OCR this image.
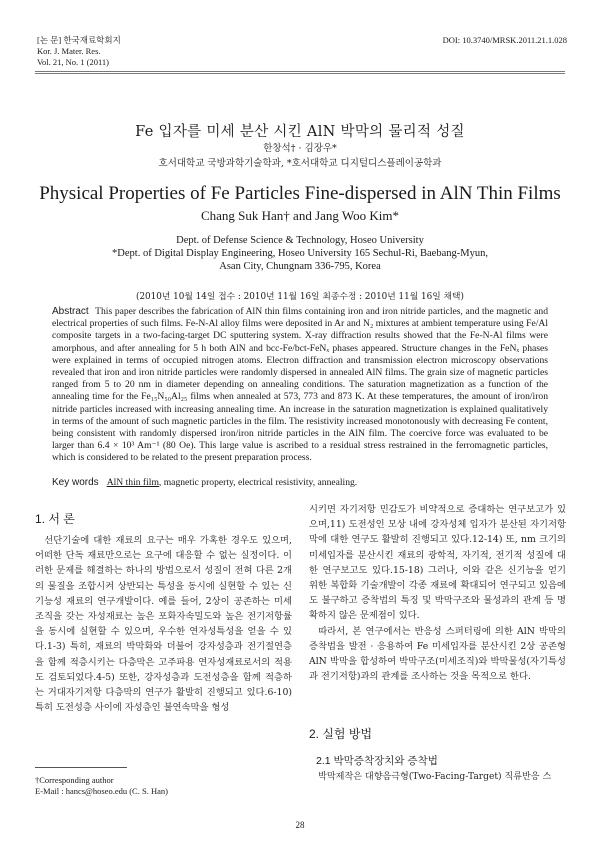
[논 문] 한국재료학회지
Kor. J. Mater. Res.
Vol. 21, No. 1 (2011)
DOI: 10.3740/MRSK.2011.21.1.028
Fe 입자를 미세 분산 시킨 AlN 박막의 물리적 성질
한창석† · 김장우*
호서대학교 국방과학기술학과, *호서대학교 디지털디스플레이공학과
Physical Properties of Fe Particles Fine-dispersed in AlN Thin Films
Chang Suk Han† and Jang Woo Kim*
Dept. of Defense Science & Technology, Hoseo University
*Dept. of Digital Display Engineering, Hoseo University 165 Sechul-Ri, Baebang-Myun,
Asan City, Chungnam 336-795, Korea
(2010년 10월 14일 접수 : 2010년 11월 16일 최종수정 : 2010년 11월 16일 채택)
Abstract This paper describes the fabrication of AlN thin films containing iron and iron nitride particles, and the magnetic and electrical properties of such films. Fe-N-Al alloy films were deposited in Ar and N₂ mixtures at ambient temperature using Fe/Al composite targets in a two-facing-target DC sputtering system. X-ray diffraction results showed that the Fe-N-Al films were amorphous, and after annealing for 5 h both AlN and bcc-Fe/bct-FeNₓ phases appeared. Structure changes in the FeNₓ phases were explained in terms of occupied nitrogen atoms. Electron diffraction and transmission electron microscopy observations revealed that iron and iron nitride particles were randomly dispersed in annealed AlN films. The grain size of magnetic particles ranged from 5 to 20 nm in diameter depending on annealing conditions. The saturation magnetization as a function of the annealing time for the Fe₁₅N₅₀Al₂₅ films when annealed at 573, 773 and 873 K. At these temperatures, the amount of iron/iron nitride particles increased with increasing annealing time. An increase in the saturation magnetization is explained qualitatively in terms of the amount of such magnetic particles in the film. The resistivity increased monotonously with decreasing Fe content, being consistent with randomly dispersed iron/iron nitride particles in the AlN film. The coercive force was evaluated to be larger than 6.4 × 10³ Am⁻¹ (80 Oe). This large value is ascribed to a residual stress restrained in the ferromagnetic particles, which is considered to be related to the present preparation process.
Key words AlN thin film, magnetic property, electrical resistivity, annealing.
1. 서 론

선단기술에 대한 재료의 요구는 매우 가혹한 경우도 있으며, 어떠한 단독 재료만으로는 요구에 대응할 수 없는 실정이다. 이러한 문제를 해결하는 하나의 방법으로서 성질이 전혀 다른 2개의 물질을 조합시켜 상반되는 특성을 동시에 실현할 수 있는 신기능성 재료의 연구개발이다. 예를 들어, 2상이 공존하는 미세조직을 갖는 자성재료는 높은 포화자속밀도와 높은 전기저항률을 동시에 실현할 수 있으며, 우수한 연자성특성을 얻을 수 있다.1-3) 특히, 재료의 박막화와 더불어 강자성층과 전기절연층을 함께 적층시키는 다층막은 고주파용 연자성재료로서의 적용도 검토되었다.4-5) 또한, 강자성층과 도전성층을 함께 적층하는 거대자기저항 다층막의 연구가 활발히 진행되고 있다.6-10) 특히 도전성층 사이에 자성층인 불연속막을 형성

시키면 자기저항 민감도가 비약적으로 증대하는 연구보고가 있으며,11) 도전성인 모상 내에 강자성체 입자가 분산된 자기저항막에 대한 연구도 활발히 진행되고 있다.12-14) 또, nm 크기의 미세입자를 분산시킨 재료의 광학적, 자기적, 전기적 성질에 대한 연구보고도 있다.15-18) 그러나, 이와 같은 신기능을 얻기 위한 복합화 기술개발이 각종 재료에 확대되어 연구되고 있음에도 불구하고 증착법의 특징 및 박막구조와 물성과의 관계 등 명확하지 않은 문제점이 있다.

따라서, 본 연구에서는 반응성 스퍼터링에 의한 AlN 박막의 증착법을 발전 · 응용하여 Fe 미세입자를 분산시킨 2상 공존형 AlN 박막을 합성하여 박막구조(미세조직)와 박막물성(자기특성과 전기저항)과의 관계를 조사하는 것을 목적으로 한다.

2. 실험 방법
2.1 박막증착장치와 증착법
박막제작은 대향음극형(Two-Facing-Target) 직류반응 스
†Corresponding author
E-Mail : hancs@hoseo.edu (C. S. Han)
28
